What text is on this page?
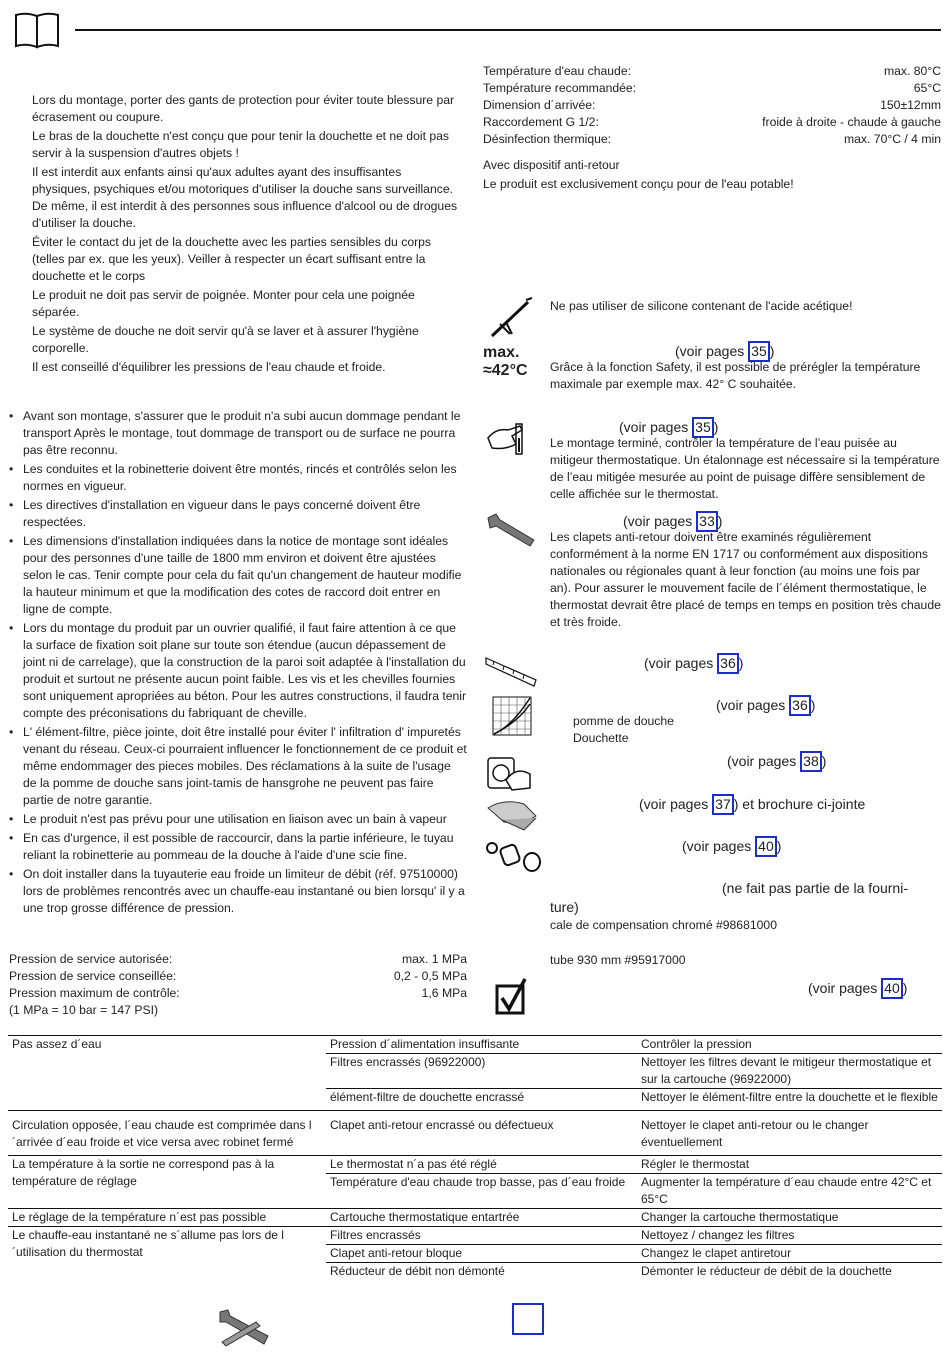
Lors du montage, porter des gants de protection pour éviter toute blessure par écrasement ou coupure.

Le bras de la douchette n'est conçu que pour tenir la douchette et ne doit pas servir à la suspension d'autres objets !

Il est interdit aux enfants ainsi qu'aux adultes ayant des insuffisantes physiques, psychiques et/ou motoriques d'utiliser la douche sans surveillance. De même, il est interdit à des personnes sous influence d'alcool ou de drogues d'utiliser la douche.

Éviter le contact du jet de la douchette avec les parties sensibles du corps (telles par ex. que les yeux). Veiller à respecter un écart suffisant entre la douchette et le corps

Le produit ne doit pas servir de poignée. Monter pour cela une poignée séparée.

Le système de douche ne doit servir qu'à se laver et à assurer l'hygiène corporelle.

Il est conseillé d'équilibrer les pressions de l'eau chaude et froide.

• Avant son montage, s'assurer que le produit n'a subi aucun dommage pendant le transport Après le montage, tout dommage de transport ou de surface ne pourra pas être reconnu.
• Les conduites et la robinetterie doivent être montés, rincés et contrôlés selon les normes en vigueur.
• Les directives d'installation en vigueur dans le pays concerné doivent être respectées.
• Les dimensions d'installation indiquées dans la notice de montage sont idéales pour des personnes d'une taille de 1800 mm environ et doivent être ajustées selon le cas. Tenir compte pour cela du fait qu'un changement de hauteur modifie la hauteur minimum et que la modification des cotes de raccord doit entrer en ligne de compte.
• Lors du montage du produit par un ouvrier qualifié, il faut faire attention à ce que la surface de fixation soit plane sur toute son étendue (aucun dépassement de joint ni de carrelage), que la construction de la paroi soit adaptée à l'installation du produit et surtout ne présente aucun point faible. Les vis et les chevilles fournies sont uniquement apropriées au béton. Pour les autres constructions, il faudra tenir compte des préconisations du fabriquant de cheville.
• L' élément-filtre, pièce jointe, doit être installé pour éviter l' infiltration d' impuretés venant du réseau. Ceux-ci pourraient influencer le fonctionnement de ce produit et même endommager des pieces mobiles. Des réclamations à la suite de l'usage de la pomme de douche sans joint-tamis de hansgrohe ne peuvent pas faire partie de notre garantie.
• Le produit n'est pas prévu pour une utilisation en liaison avec un bain à vapeur
• En cas d'urgence, il est possible de raccourcir, dans la partie inférieure, le tuyau reliant la robinetterie au pommeau de la douche à l'aide d'une scie fine.
• On doit installer dans la tuyauterie eau froide un limiteur de débit (réf. 97510000) lors de problèmes rencontrés avec un chauffe-eau instantané ou bien lorsqu' il y a une trop grosse différence de pression.
Pression de service autorisée:	max. 1 MPa
Pression de service conseillée:	0,2 - 0,5 MPa
Pression maximum de contrôle:	1,6 MPa
(1 MPa = 10 bar = 147 PSI)
Température d'eau chaude:	max. 80°C
Température recommandée:	65°C
Dimension d´arrivée:	150±12mm
Raccordement G 1/2:	froide à droite - chaude à gauche
Désinfection thermique:	max. 70°C / 4 min
Avec dispositif anti-retour
Le produit est exclusivement conçu pour de l'eau potable!
Ne pas utiliser de silicone contenant de l'acide acétique!
max.
≈42°C
(voir pages 35 )
Grâce à la fonction Safety, il est possible de prérégler la température maximale par exemple max. 42° C souhaitée.
(voir pages 35 )
Le montage terminé, contrôler la température de l’eau puisée au mitigeur thermostatique. Un étalonnage est nécessaire si la température de l’eau mitigée mesurée au point de puisage diffère sensiblement de celle affichée sur le thermostat.
(voir pages 33 )
Les clapets anti-retour doivent être examinés régulièrement conformément à la norme EN 1717 ou conformément aux dispositions nationales ou régionales quant à leur fonction (au moins une fois par an). Pour assurer le mouvement facile de l´élément thermostatique, le thermostat devrait être placé de temps en temps en position très chaude et très froide.
(voir pages 36 )
(voir pages 36 )
pomme de douche
Douchette
(voir pages 38 )
(voir pages 37 ) et brochure ci-jointe
(voir pages 40 )
(ne fait pas partie de la fourni-
ture)
cale de compensation chromé #98681000
tube 930 mm #95917000
(voir pages 40 )
Pas assez d´eau	Pression d´alimentation insuffisante	Contrôler la pression
	Filtres encrassés (96922000)	Nettoyer les filtres devant le mitigeur thermostatique et sur la cartouche (96922000)
	élément-filtre de douchette encrassé	Nettoyer le élément-filtre entre la douchette et le flexible
Circulation opposée, l´eau chaude est comprimée dans l´arrivée d´eau froide et vice versa avec robinet fermé	Clapet anti-retour encrassé ou défectueux	Nettoyer le clapet anti-retour ou le changer éventuellement
La température à la sortie ne correspond pas à la température de réglage	Le thermostat n´a pas été réglé	Régler le thermostat
	Température d'eau chaude trop basse, pas d´eau froide	Augmenter la température d´eau chaude entre 42°C et 65°C
Le réglage de la température n´est pas possible	Cartouche thermostatique entartrée	Changer la cartouche thermostatique
Le chauffe-eau instantané ne s´allume pas lors de l´utilisation du thermostat	Filtres encrassés	Nettoyez / changez les filtres
	Clapet anti-retour bloque	Changez le clapet antiretour
	Réducteur de débit non démonté	Démonter le réducteur de débit de la douchette
